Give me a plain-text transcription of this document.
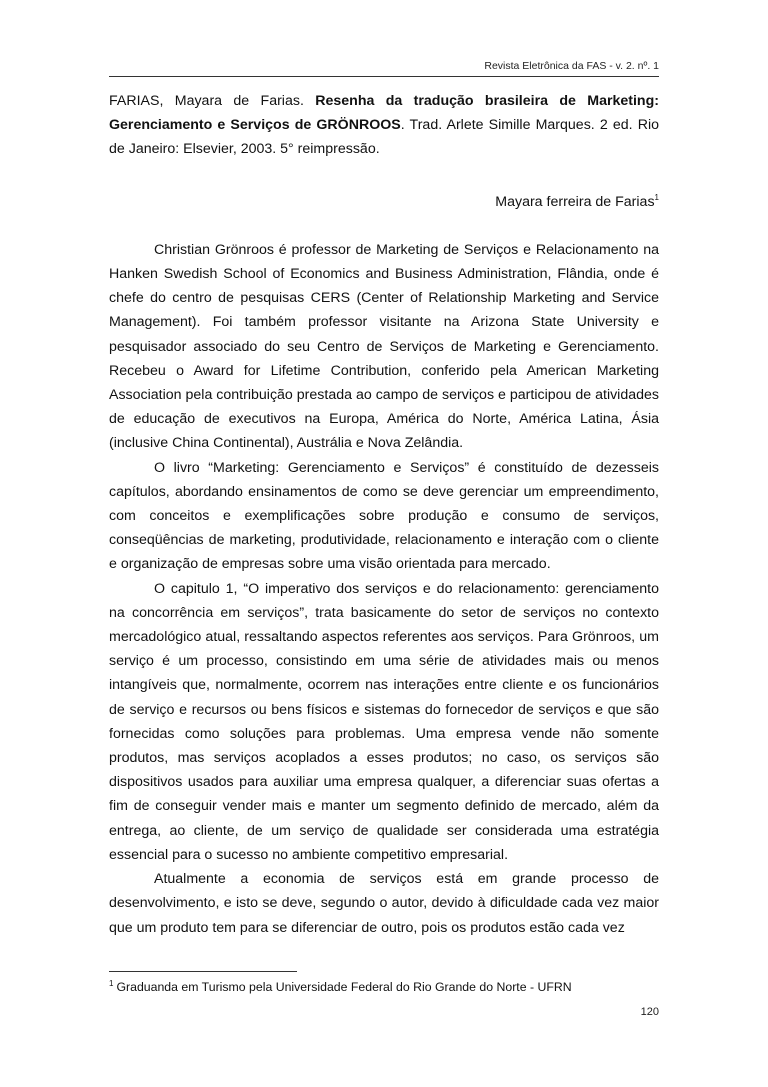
Revista Eletrônica da FAS - v. 2. nº. 1

FARIAS, Mayara de Farias. Resenha da tradução brasileira de Marketing: Gerenciamento e Serviços de GRÖNROOS. Trad. Arlete Simille Marques. 2 ed. Rio de Janeiro: Elsevier, 2003. 5° reimpressão.

Mayara ferreira de Farias$^1$

Christian Grönroos é professor de Marketing de Serviços e Relacionamento na Hanken Swedish School of Economics and Business Administration, Flândia, onde é chefe do centro de pesquisas CERS (Center of Relationship Marketing and Service Management). Foi também professor visitante na Arizona State University e pesquisador associado do seu Centro de Serviços de Marketing e Gerenciamento. Recebeu o Award for Lifetime Contribution, conferido pela American Marketing Association pela contribuição prestada ao campo de serviços e participou de atividades de educação de executivos na Europa, América do Norte, América Latina, Ásia (inclusive China Continental), Austrália e Nova Zelândia.

O livro “Marketing: Gerenciamento e Serviços” é constituído de dezesseis capítulos, abordando ensinamentos de como se deve gerenciar um empreendimento, com conceitos e exemplificações sobre produção e consumo de serviços, conseqüências de marketing, produtividade, relacionamento e interação com o cliente e organização de empresas sobre uma visão orientada para mercado.

O capitulo 1, “O imperativo dos serviços e do relacionamento: gerenciamento na concorrência em serviços”, trata basicamente do setor de serviços no contexto mercadológico atual, ressaltando aspectos referentes aos serviços. Para Grönroos, um serviço é um processo, consistindo em uma série de atividades mais ou menos intangíveis que, normalmente, ocorrem nas interações entre cliente e os funcionários de serviço e recursos ou bens físicos e sistemas do fornecedor de serviços e que são fornecidas como soluções para problemas. Uma empresa vende não somente produtos, mas serviços acoplados a esses produtos; no caso, os serviços são dispositivos usados para auxiliar uma empresa qualquer, a diferenciar suas ofertas a fim de conseguir vender mais e manter um segmento definido de mercado, além da entrega, ao cliente, de um serviço de qualidade ser considerada uma estratégia essencial para o sucesso no ambiente competitivo empresarial.

Atualmente a economia de serviços está em grande processo de desenvolvimento, e isto se deve, segundo o autor, devido à dificuldade cada vez maior que um produto tem para se diferenciar de outro, pois os produtos estão cada vez

$^1$ Graduanda em Turismo pela Universidade Federal do Rio Grande do Norte - UFRN
120
